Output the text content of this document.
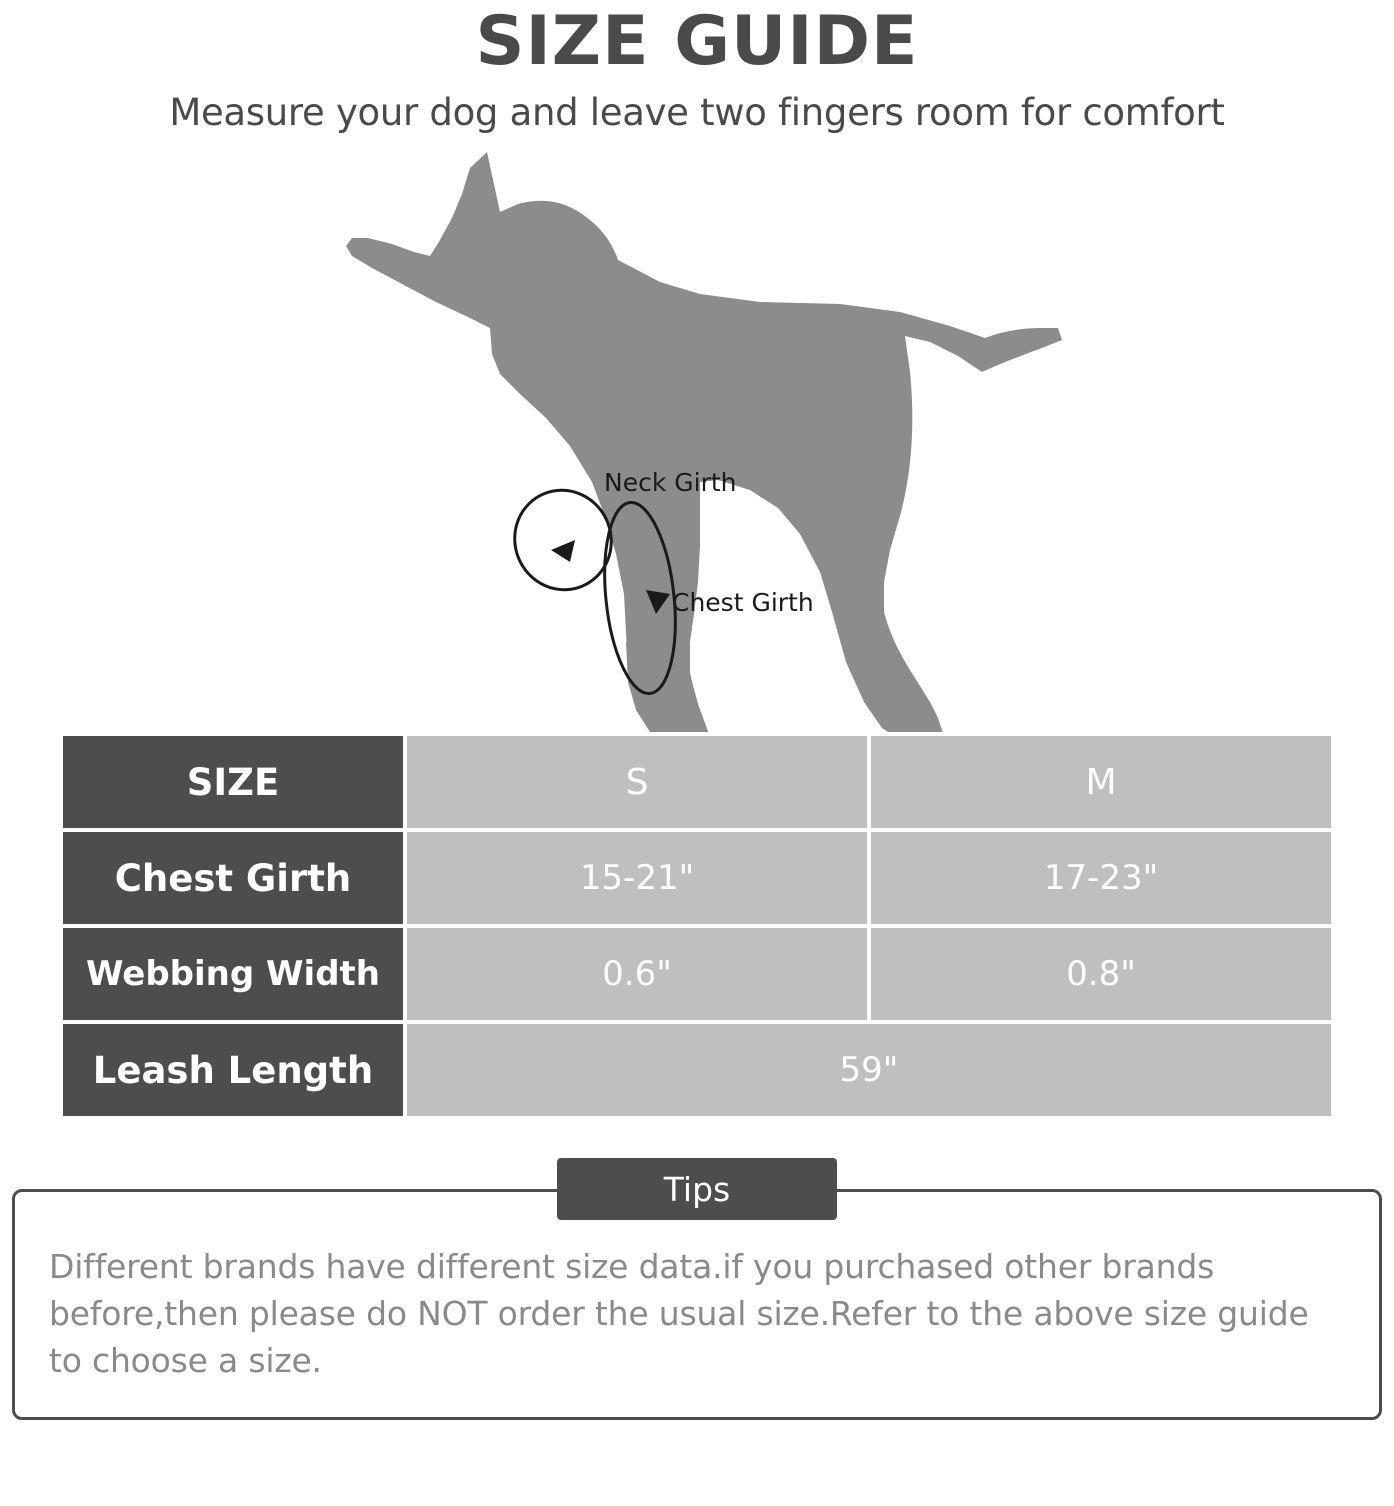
SIZE GUIDE
Measure your dog and leave two fingers room for comfort
Neck Girth
Chest Girth
SIZE	S	M
Chest Girth	15-21"	17-23"
Webbing Width	0.6"	0.8"
Leash Length	59"	
Tips
Different brands have different size data.if you purchased other brands before,then please do NOT order the usual size.Refer to the above size guide to choose a size.
